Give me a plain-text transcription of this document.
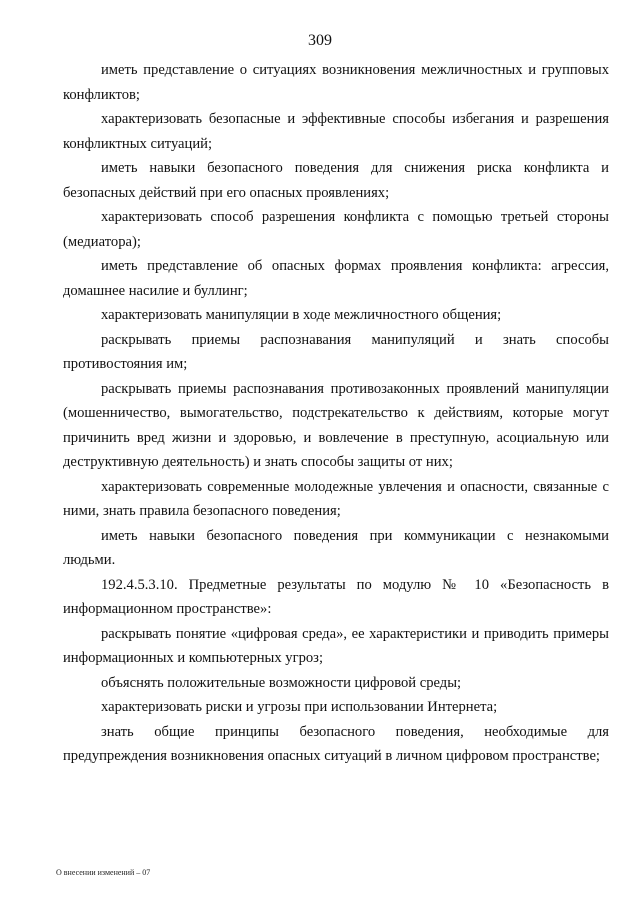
309

иметь представление о ситуациях возникновения межличностных и групповых конфликтов;

характеризовать безопасные и эффективные способы избегания и разрешения конфликтных ситуаций;

иметь навыки безопасного поведения для снижения риска конфликта и безопасных действий при его опасных проявлениях;

характеризовать способ разрешения конфликта с помощью третьей стороны (медиатора);

иметь представление об опасных формах проявления конфликта: агрессия, домашнее насилие и буллинг;

характеризовать манипуляции в ходе межличностного общения;

раскрывать приемы распознавания манипуляций и знать способы противостояния им;

раскрывать приемы распознавания противозаконных проявлений манипуляции (мошенничество, вымогательство, подстрекательство к действиям, которые могут причинить вред жизни и здоровью, и вовлечение в преступную, асоциальную или деструктивную деятельность) и знать способы защиты от них;

характеризовать современные молодежные увлечения и опасности, связанные с ними, знать правила безопасного поведения;

иметь навыки безопасного поведения при коммуникации с незнакомыми людьми.

192.4.5.3.10. Предметные результаты по модулю № 10 «Безопасность в информационном пространстве»:

раскрывать понятие «цифровая среда», ее характеристики и приводить примеры информационных и компьютерных угроз;

объяснять положительные возможности цифровой среды;

характеризовать риски и угрозы при использовании Интернета;

знать общие принципы безопасного поведения, необходимые для предупреждения возникновения опасных ситуаций в личном цифровом пространстве;

О внесении изменений – 07
